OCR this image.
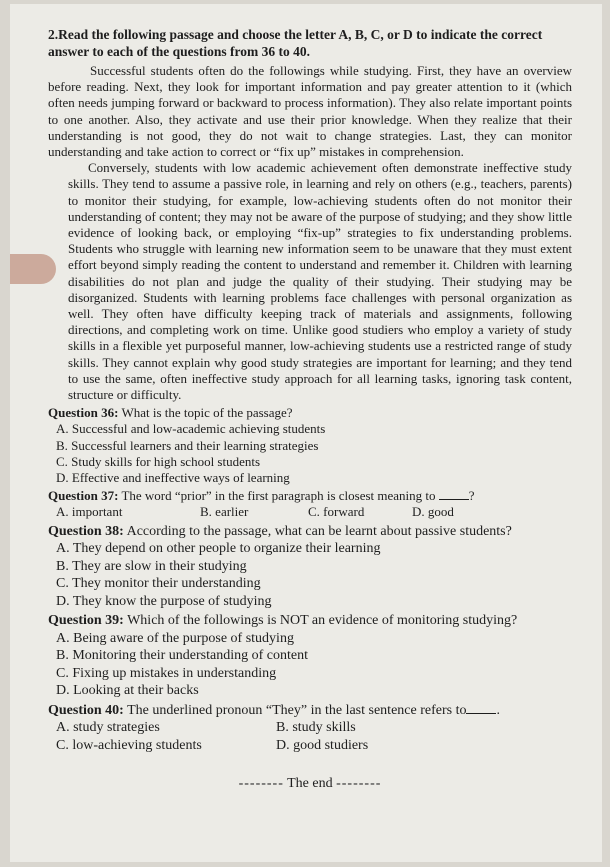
2.Read the following passage and choose the letter A, B, C, or D to indicate the correct answer to each of the questions from 36 to 40.

Successful students often do the followings while studying. First, they have an overview before reading. Next, they look for important information and pay greater attention to it (which often needs jumping forward or backward to process information). They also relate important points to one another. Also, they activate and use their prior knowledge. When they realize that their understanding is not good, they do not wait to change strategies. Last, they can monitor understanding and take action to correct or “fix up” mistakes in comprehension.

Conversely, students with low academic achievement often demonstrate ineffective study skills. They tend to assume a passive role, in learning and rely on others (e.g., teachers, parents) to monitor their studying, for example, low-achieving students often do not monitor their understanding of content; they may not be aware of the purpose of studying; and they show little evidence of looking back, or employing “fix-up” strategies to fix understanding problems. Students who struggle with learning new information seem to be unaware that they must extent effort beyond simply reading the content to understand and remember it. Children with learning disabilities do not plan and judge the quality of their studying. Their studying may be disorganized. Students with learning problems face challenges with personal organization as well. They often have difficulty keeping track of materials and assignments, following directions, and completing work on time. Unlike good studiers who employ a variety of study skills in a flexible yet purposeful manner, low-achieving students use a restricted range of study skills. They cannot explain why good study strategies are important for learning; and they tend to use the same, often ineffective study approach for all learning tasks, ignoring task content, structure or difficulty.

Question 36: What is the topic of the passage?

A. Successful and low-academic achieving students

B. Successful learners and their learning strategies

C. Study skills for high school students

D. Effective and ineffective ways of learning

Question 37: The word “prior” in the first paragraph is closest meaning to	?

A. important	B. earlier	C. forward	D. good

Question 38: According to the passage, what can be learnt about passive students?

A. They depend on other people to organize their learning

B. They are slow in their studying

C. They monitor their understanding

D. They know the purpose of studying

Question 39: Which of the followings is NOT an evidence of monitoring studying?

A. Being aware of the purpose of studying

B. Monitoring their understanding of content

C. Fixing up mistakes in understanding

D. Looking at their backs

Question 40: The underlined pronoun “They” in the last sentence refers to .

A. study strategies	B. study skills
C. low-achieving students	D. good studiers

-------- The end --------
